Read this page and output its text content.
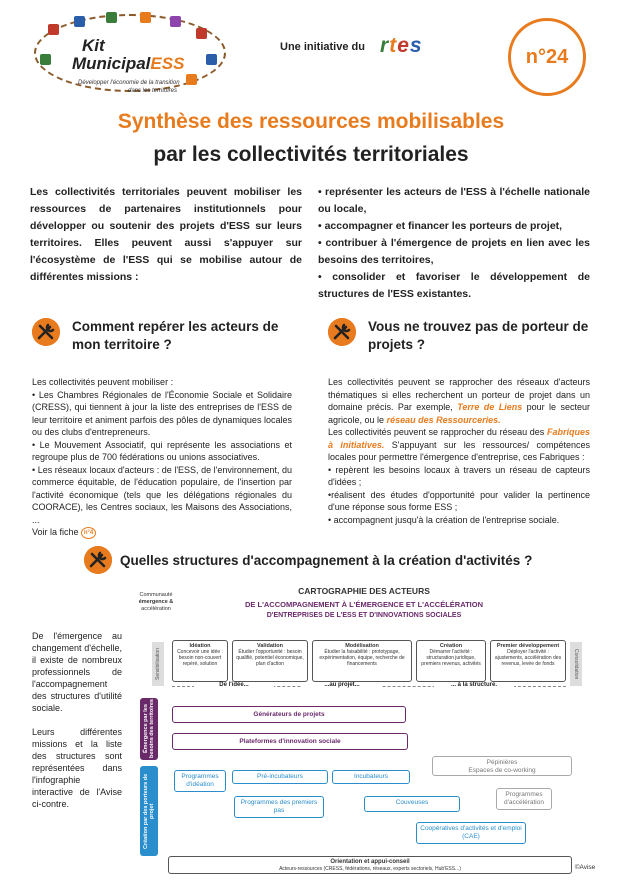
Kit
MunicipalESS
Développer l'économie de la transition
dans les territoires
Une initiative du rtes	n°24
Synthèse des ressources mobilisables
par les collectivités territoriales
Les collectivités territoriales peuvent mobiliser les ressources de partenaires institutionnels pour développer ou soutenir des projets d'ESS sur leurs territoires. Elles peuvent aussi s'appuyer sur l'écosystème de l'ESS qui se mobilise autour de différentes missions :
• représenter les acteurs de l'ESS à l'échelle nationale ou locale,
• accompagner et financer les porteurs de projet,
• contribuer à l'émergence de projets en lien avec les besoins des territoires,
• consolider et favoriser le développement de structures de l'ESS existantes.
Comment repérer les acteurs de mon territoire ?

Les collectivités peuvent mobiliser :

• Les Chambres Régionales de l'Économie Sociale et Solidaire (CRESS), qui tiennent à jour la liste des entreprises de l'ESS de leur territoire et animent parfois des pôles de dynamiques locales ou des clubs d'entrepreneurs.

• Le Mouvement Associatif, qui représente les associations et regroupe plus de 700 fédérations ou unions associatives.

• Les réseaux locaux d'acteurs : de l'ESS, de l'environnement, du commerce équitable, de l'éducation populaire, de l'insertion par l'activité économique (tels que les délégations régionales du COORACE), les Centres sociaux, les Maisons des Associations, ...

Voir la fiche n°4

Vous ne trouvez pas de porteur de projets ?

Les collectivités peuvent se rapprocher des réseaux d'acteurs thématiques si elles recherchent un porteur de projet dans un domaine précis. Par exemple, Terre de Liens pour le secteur agricole, ou le réseau des Ressourceries.

Les collectivités peuvent se rapprocher du réseau des Fabriques à initiatives. S'appuyant sur les ressources/ compétences locales pour permettre l'émergence d'entreprise, ces Fabriques :

• repèrent les besoins locaux à travers un réseau de capteurs d'idées ;

•réalisent des études d'opportunité pour valider la pertinence d'une réponse sous forme ESS ;

• accompagnent jusqu'à la création de l'entreprise sociale.

Quelles structures d'accompagnement à la création d'activités ?

De l'émergence au changement d'échelle, il existe de nombreux professionnels de l'accompagnement des structures d'utilité sociale.

Leurs différentes missions et la liste des structures sont représentées dans l'infographie interactive de l'Avise ci-contre.

Communauté
émergence &
accélération
CARTOGRAPHIE DES ACTEURS
DE L'ACCOMPAGNEMENT À L'ÉMERGENCE ET L'ACCÉLÉRATION
D'ENTREPRISES DE L'ESS ET D'INNOVATIONS SOCIALES
Sensibilisation	Consolidation
Idéation
Concevoir une idée : besoin non-couvert repéré, solution
Validation
Étudier l'opportunité : besoin qualifié, potentiel économique, plan d'action
Modélisation
Étudier la faisabilité : prototypage, expérimentation, équipe, recherche de financements
Création
Démarrer l'activité : structuration juridique, premiers revenus, activités
Premier développement
Déployer l'activité : ajustements, accélération des revenus, levée de fonds
De l'idée...	...au projet...	... à la structure.
Émergence par les besoins des territoires
Création par des porteurs de projet
Générateurs de projets
Plateformes d'innovation sociale
Pépinières
Espaces de co-working
Programmes d'idéation
Pré-incubateurs	Incubateurs
Programmes d'accélération
Programmes des premiers pas
Couveuses
Coopératives d'activités et d'emploi (CAE)
Orientation et appui-conseil
Acteurs-ressources (CRESS, fédérations, réseaux, experts sectoriels, Hub'ESS...)	©Avise
